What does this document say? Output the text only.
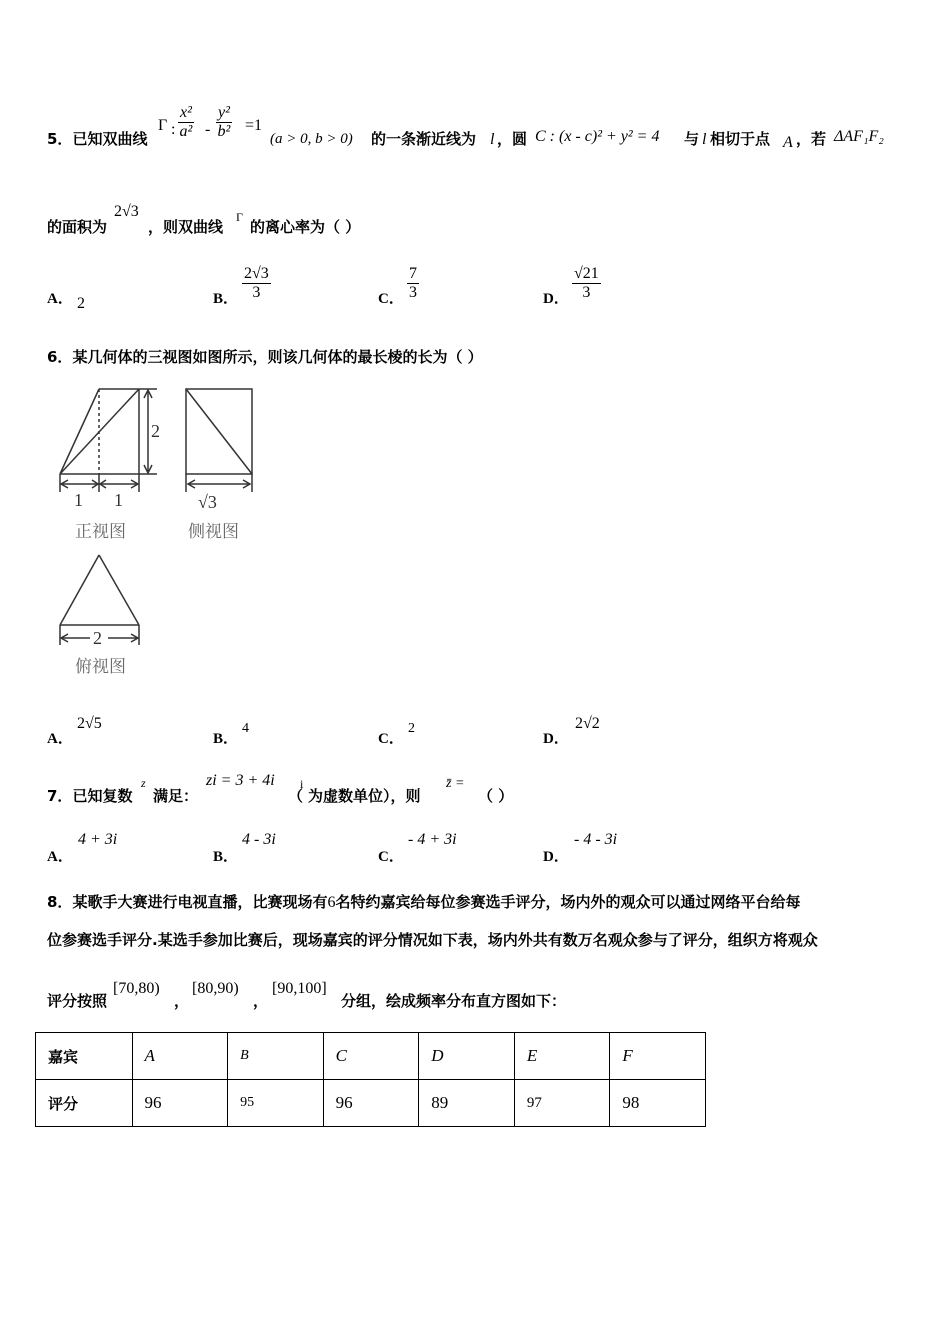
5．已知双曲线
Γ : $\frac{\text{x²}}{\text{a²}} - \frac{\text{y²}}{\text{b²}} =1$
(a > 0, b > 0) 的一条渐近线为 l ，圆 C : (x - c)² + y² = 4 与 l 相切于点 A ，若 ΔAF₁F₂
的面积为
2√3
，则双曲线
Γ
的离心率为（ ）
A． 2	B． $\frac{2√3}{3}$	C． $\frac{7}{3}$	D． $\frac{√21}{3}$
6．某几何体的三视图如图所示，则该几何体的最长棱的长为（ ）
2
1 1	√3
2
正视图	侧视图
俯视图
A．
2√5
B．
4
C．
2
D．
2√2
7．已知复数
z
满足：
zi = 3 + 4i
（
i
为虚数单位），则
z̄ =
（ ）
A．
4 + 3i
B．
4 - 3i
C．
- 4 + 3i
D．
- 4 - 3i
8．某歌手大赛进行电视直播，比赛现场有6名特约嘉宾给每位参赛选手评分，场内外的观众可以通过网络平台给每
位参赛选手评分.某选手参加比赛后，现场嘉宾的评分情况如下表，场内外共有数万名观众参与了评分，组织方将观众
评分按照
[70,80)
，
[80,90)
，
[90,100]
分组，绘成频率分布直方图如下：
嘉宾	A	B	C	D	E	F
评分	96	95	96	89	97	98
